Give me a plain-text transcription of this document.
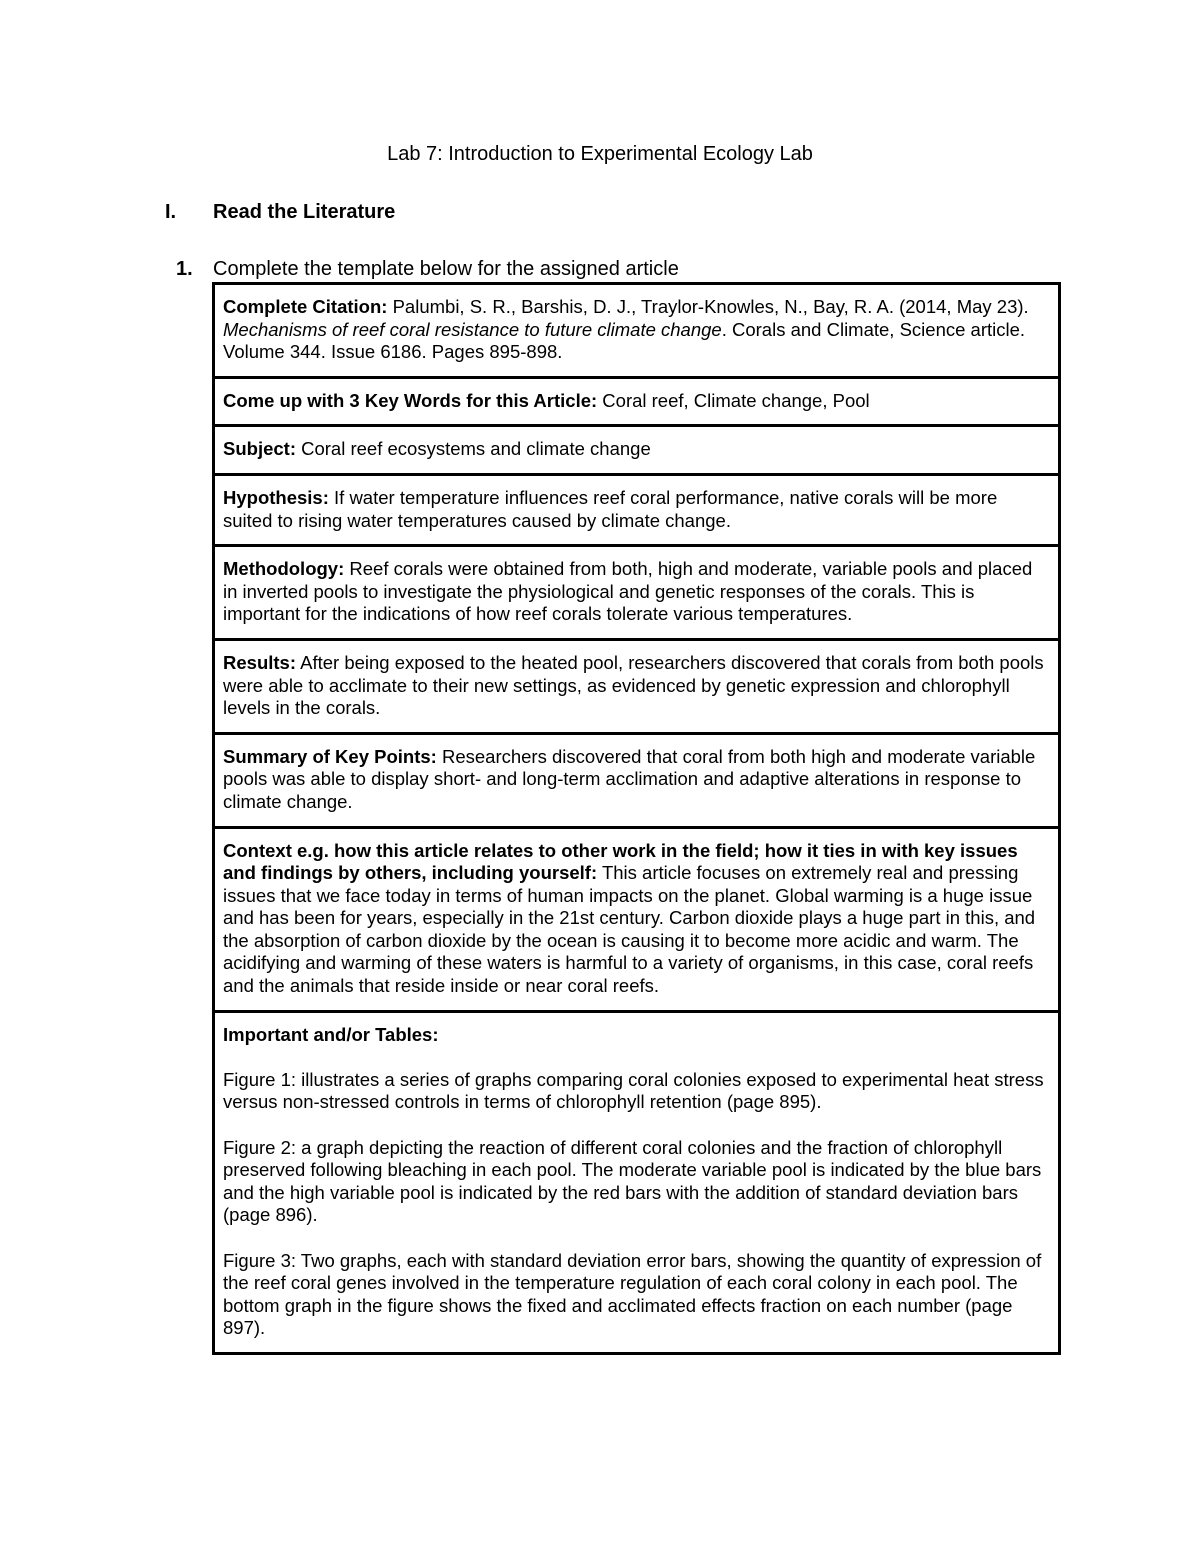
Lab 7: Introduction to Experimental Ecology Lab
I. Read the Literature
1. Complete the template below for the assigned article
Complete Citation: Palumbi, S. R., Barshis, D. J., Traylor-Knowles, N., Bay, R. A. (2014, May 23). Mechanisms of reef coral resistance to future climate change. Corals and Climate, Science article. Volume 344. Issue 6186. Pages 895-898.
Come up with 3 Key Words for this Article: Coral reef, Climate change, Pool
Subject: Coral reef ecosystems and climate change
Hypothesis: If water temperature influences reef coral performance, native corals will be more suited to rising water temperatures caused by climate change.
Methodology: Reef corals were obtained from both, high and moderate, variable pools and placed in inverted pools to investigate the physiological and genetic responses of the corals. This is important for the indications of how reef corals tolerate various temperatures.
Results: After being exposed to the heated pool, researchers discovered that corals from both pools were able to acclimate to their new settings, as evidenced by genetic expression and chlorophyll levels in the corals.
Summary of Key Points: Researchers discovered that coral from both high and moderate variable pools was able to display short- and long-term acclimation and adaptive alterations in response to climate change.
Context e.g. how this article relates to other work in the field; how it ties in with key issues and findings by others, including yourself: This article focuses on extremely real and pressing issues that we face today in terms of human impacts on the planet. Global warming is a huge issue and has been for years, especially in the 21st century. Carbon dioxide plays a huge part in this, and the absorption of carbon dioxide by the ocean is causing it to become more acidic and warm. The acidifying and warming of these waters is harmful to a variety of organisms, in this case, coral reefs and the animals that reside inside or near coral reefs.

Important and/or Tables:

Figure 1: illustrates a series of graphs comparing coral colonies exposed to experimental heat stress versus non-stressed controls in terms of chlorophyll retention (page 895).

Figure 2: a graph depicting the reaction of different coral colonies and the fraction of chlorophyll preserved following bleaching in each pool. The moderate variable pool is indicated by the blue bars and the high variable pool is indicated by the red bars with the addition of standard deviation bars (page 896).

Figure 3: Two graphs, each with standard deviation error bars, showing the quantity of expression of the reef coral genes involved in the temperature regulation of each coral colony in each pool. The bottom graph in the figure shows the fixed and acclimated effects fraction on each number (page 897).
